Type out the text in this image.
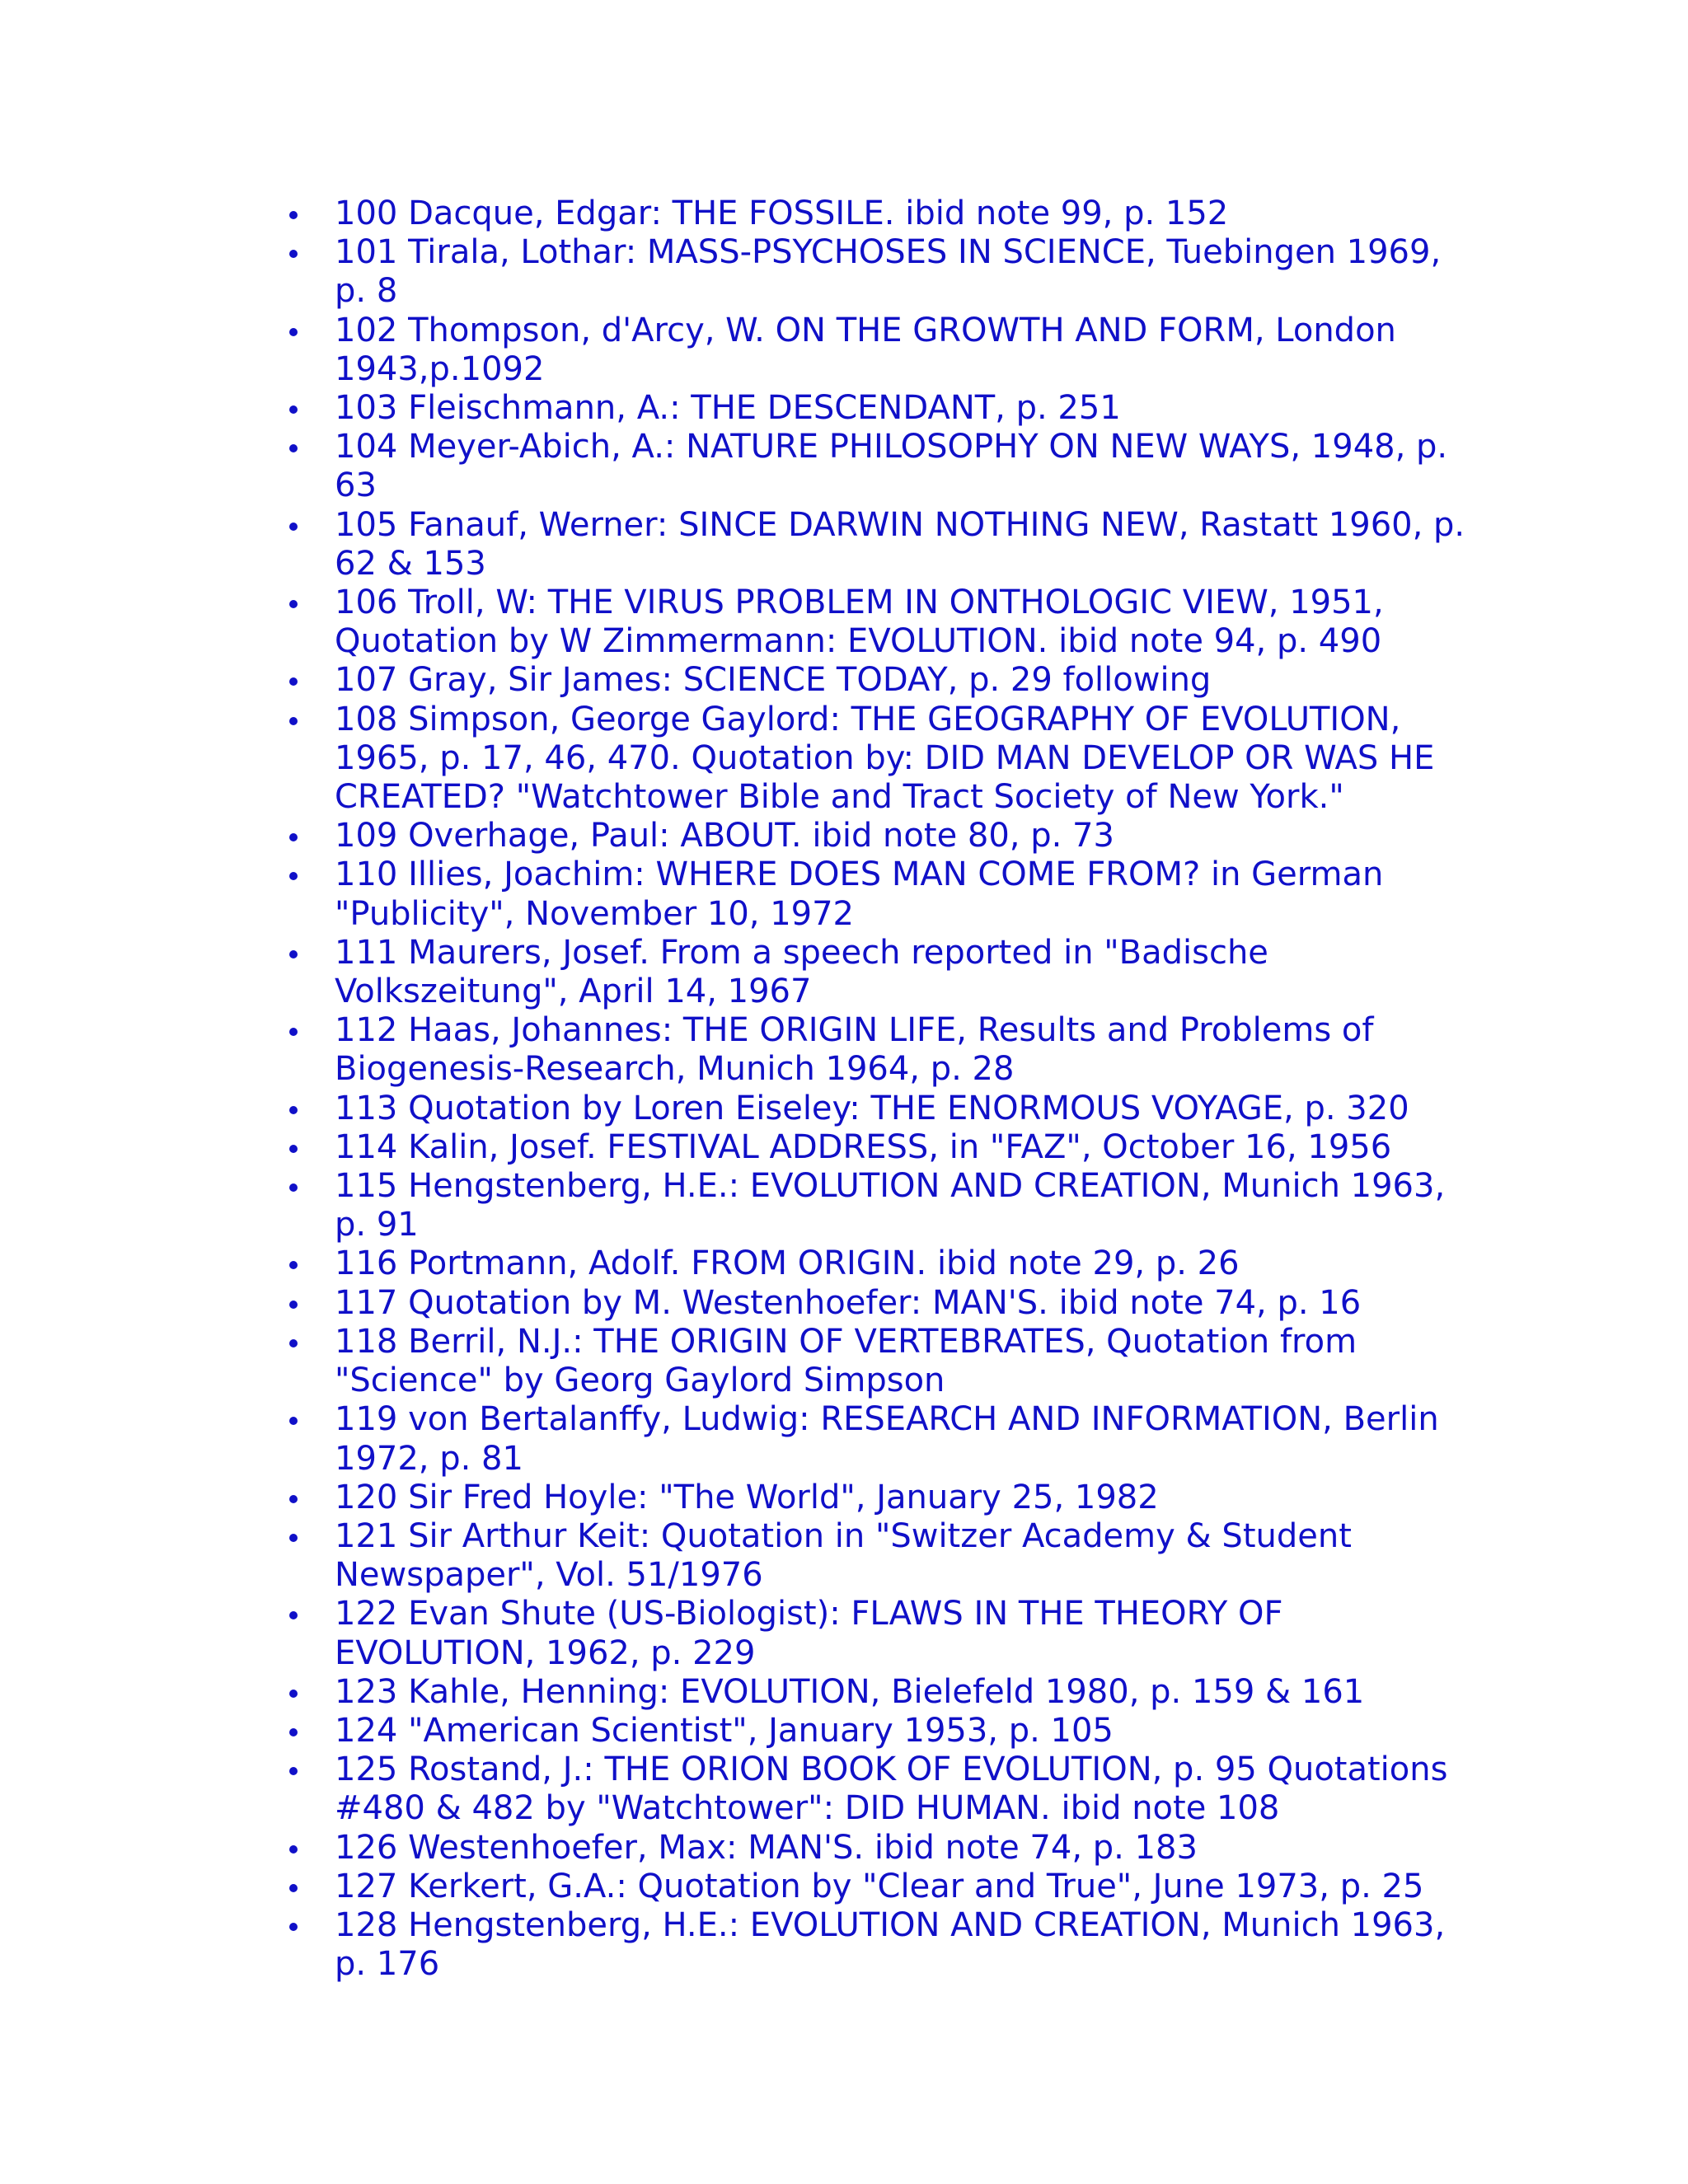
100 Dacque, Edgar: THE FOSSILE. ibid note 99, p. 152
101 Tirala, Lothar: MASS-PSYCHOSES IN SCIENCE, Tuebingen 1969, p. 8
102 Thompson, d'Arcy, W. ON THE GROWTH AND FORM, London 1943,p.1092
103 Fleischmann, A.: THE DESCENDANT, p. 251
104 Meyer-Abich, A.: NATURE PHILOSOPHY ON NEW WAYS, 1948, p. 63
105 Fanauf, Werner: SINCE DARWIN NOTHING NEW, Rastatt 1960, p. 62 & 153
106 Troll, W: THE VIRUS PROBLEM IN ONTHOLOGIC VIEW, 1951, Quotation by W Zimmermann: EVOLUTION. ibid note 94, p. 490
107 Gray, Sir James: SCIENCE TODAY, p. 29 following
108 Simpson, George Gaylord: THE GEOGRAPHY OF EVOLUTION, 1965, p. 17, 46, 470. Quotation by: DID MAN DEVELOP OR WAS HE CREATED? "Watchtower Bible and Tract Society of New York."
109 Overhage, Paul: ABOUT. ibid note 80, p. 73
110 Illies, Joachim: WHERE DOES MAN COME FROM? in German "Publicity", November 10, 1972
111 Maurers, Josef. From a speech reported in "Badische Volkszeitung", April 14, 1967
112 Haas, Johannes: THE ORIGIN LIFE, Results and Problems of Biogenesis-Research, Munich 1964, p. 28
113 Quotation by Loren Eiseley: THE ENORMOUS VOYAGE, p. 320
114 Kalin, Josef. FESTIVAL ADDRESS, in "FAZ", October 16, 1956
115 Hengstenberg, H.E.: EVOLUTION AND CREATION, Munich 1963, p. 91
116 Portmann, Adolf. FROM ORIGIN. ibid note 29, p. 26
117 Quotation by M. Westenhoefer: MAN'S. ibid note 74, p. 16
118 Berril, N.J.: THE ORIGIN OF VERTEBRATES, Quotation from "Science" by Georg Gaylord Simpson
119 von Bertalanffy, Ludwig: RESEARCH AND INFORMATION, Berlin 1972, p. 81
120 Sir Fred Hoyle: "The World", January 25, 1982
121 Sir Arthur Keit: Quotation in "Switzer Academy & Student Newspaper", Vol. 51/1976
122 Evan Shute (US-Biologist): FLAWS IN THE THEORY OF EVOLUTION, 1962, p. 229
123 Kahle, Henning: EVOLUTION, Bielefeld 1980, p. 159 & 161
124 "American Scientist", January 1953, p. 105
125 Rostand, J.: THE ORION BOOK OF EVOLUTION, p. 95 Quotations #480 & 482 by "Watchtower": DID HUMAN. ibid note 108
126 Westenhoefer, Max: MAN'S. ibid note 74, p. 183
127 Kerkert, G.A.: Quotation by "Clear and True", June 1973, p. 25
128 Hengstenberg, H.E.: EVOLUTION AND CREATION, Munich 1963, p. 176
